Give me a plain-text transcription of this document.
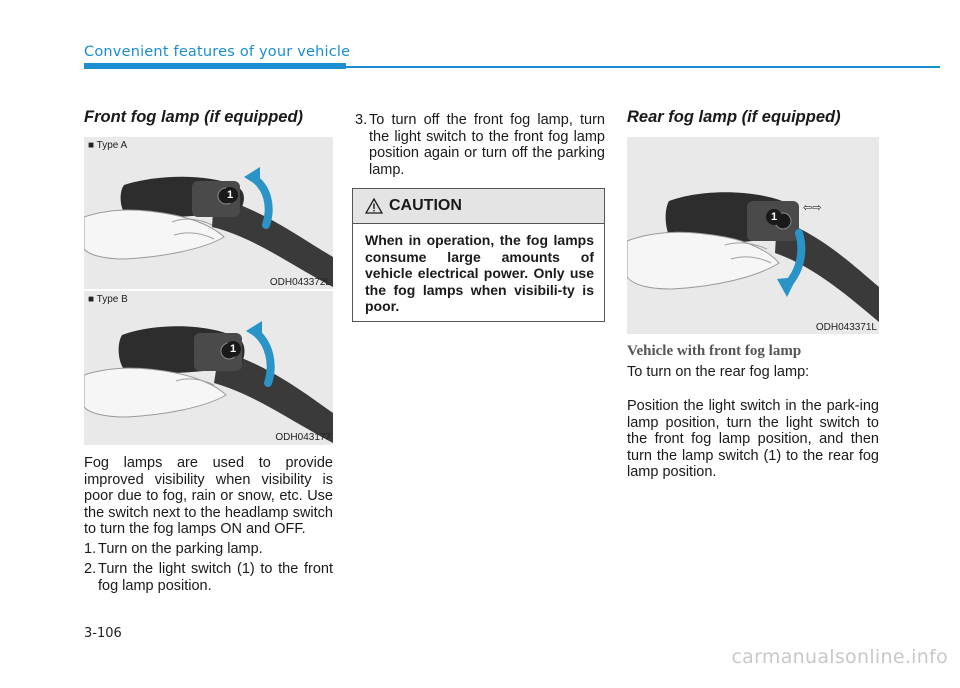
Convenient features of your vehicle
Front fog lamp (if equipped)
■ Type A
1
ODH043372L
■ Type B
1
ODH043177
Fog lamps are used to provide improved visibility when visibility is poor due to fog, rain or snow, etc. Use the switch next to the headlamp switch to turn the fog lamps ON and OFF.
1. Turn on the parking lamp.
2. Turn the light switch (1) to the front fog lamp position.
3. To turn off the front fog lamp, turn the light switch to the front fog lamp position again or turn off the parking lamp.
CAUTION
When in operation, the fog lamps consume large amounts of vehicle electrical power. Only use the fog lamps when visibili-ty is poor.
Rear fog lamp (if equipped)
⇦⇨
1
ODH043371L
Vehicle with front fog lamp
To turn on the rear fog lamp:
Position the light switch in the park-ing lamp position, turn the light switch to the front fog lamp position, and then turn the lamp switch (1) to the rear fog lamp position.
3-106
carmanualsonline.info
